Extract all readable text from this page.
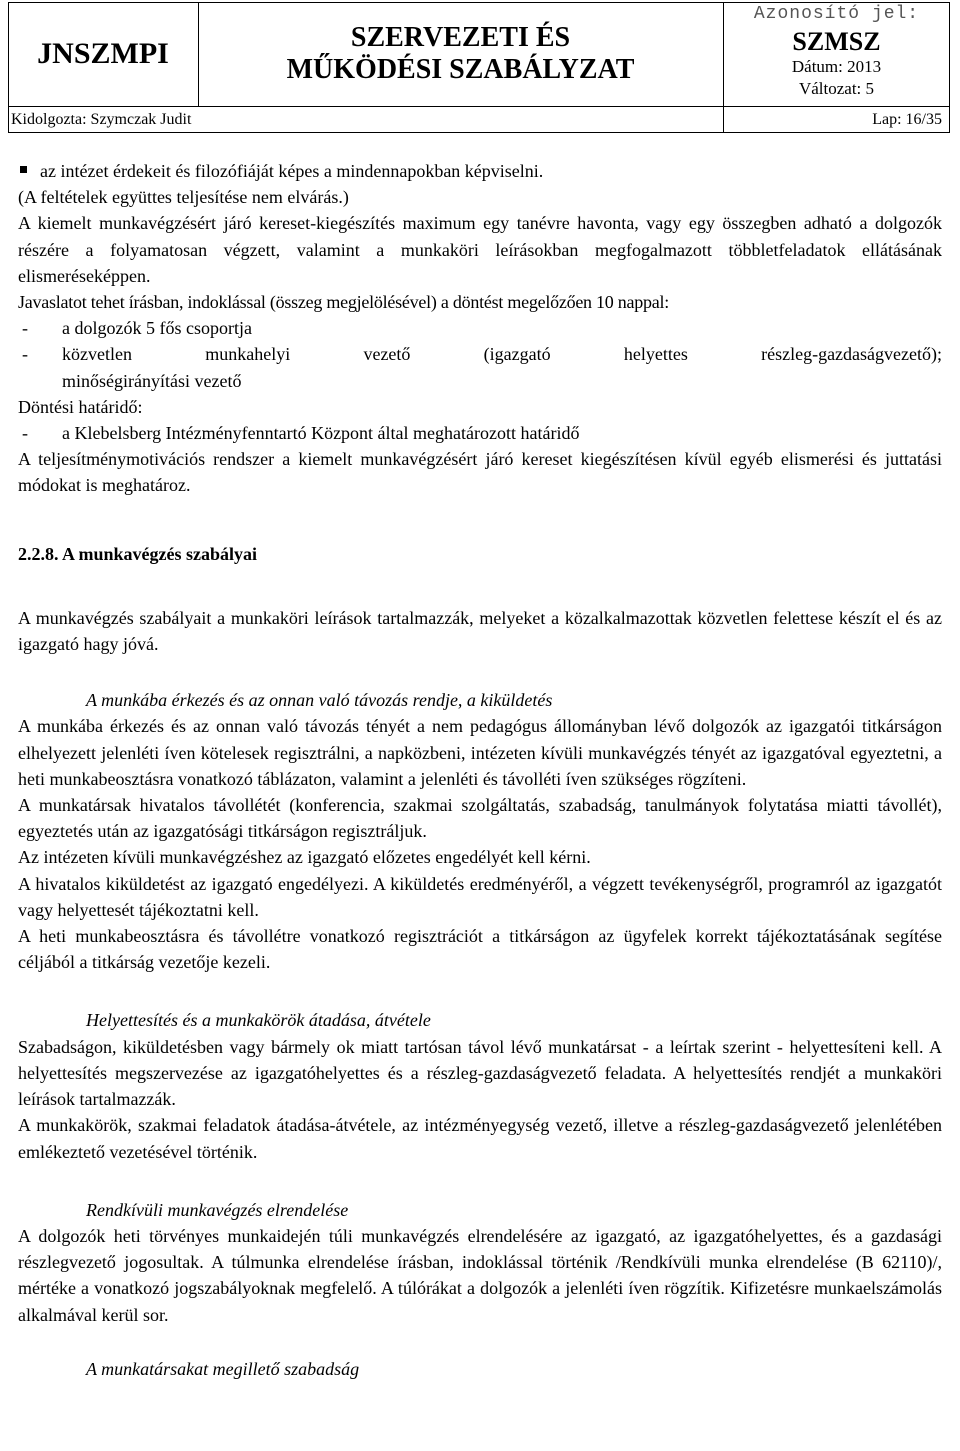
JNSZMPI	SZERVEZETI ÉS
MŰKÖDÉSI SZABÁLYZAT
Azonosító jel:
SZMSZ
Dátum: 2013
Változat: 5
Kidolgozta: Szymczak Judit	Lap: 16/35
az intézet érdekeit és filozófiáját képes a mindennapokban képviselni.

(A feltételek együttes teljesítése nem elvárás.)

A kiemelt munkavégzésért járó kereset-kiegészítés maximum egy tanévre havonta, vagy egy összegben adható a dolgozók részére a folyamatosan végzett, valamint a munkaköri leírásokban megfogalmazott többletfeladatok ellátásának elismeréseképpen.

Javaslatot tehet írásban, indoklással (összeg megjelölésével) a döntést megelőzően 10 nappal:

- a dolgozók 5 fős csoportja
- közvetlen munkahelyi vezető (igazgató helyettes részleg-gazdaságvezető);

minőségirányítási vezető

Döntési határidő:

- a Klebelsberg Intézményfenntartó Központ által meghatározott határidő

A teljesítménymotivációs rendszer a kiemelt munkavégzésért járó kereset kiegészítésen kívül egyéb elismerési és juttatási módokat is meghatároz.

2.2.8. A munkavégzés szabályai

A munkavégzés szabályait a munkaköri leírások tartalmazzák, melyeket a közalkalmazottak közvetlen felettese készít el és az igazgató hagy jóvá.

A munkába érkezés és az onnan való távozás rendje, a kiküldetés

A munkába érkezés és az onnan való távozás tényét a nem pedagógus állományban lévő dolgozók az igazgatói titkárságon elhelyezett jelenléti íven kötelesek regisztrálni, a napközbeni, intézeten kívüli munkavégzés tényét az igazgatóval egyeztetni, a heti munkabeosztásra vonatkozó táblázaton, valamint a jelenléti és távolléti íven szükséges rögzíteni.

A munkatársak hivatalos távollétét (konferencia, szakmai szolgáltatás, szabadság, tanulmányok folytatása miatti távollét), egyeztetés után az igazgatósági titkárságon regisztráljuk.

Az intézeten kívüli munkavégzéshez az igazgató előzetes engedélyét kell kérni.

A hivatalos kiküldetést az igazgató engedélyezi. A kiküldetés eredményéről, a végzett tevékenységről, programról az igazgatót vagy helyettesét tájékoztatni kell.

A heti munkabeosztásra és távollétre vonatkozó regisztrációt a titkárságon az ügyfelek korrekt tájékoztatásának segítése céljából a titkárság vezetője kezeli.

Helyettesítés és a munkakörök átadása, átvétele

Szabadságon, kiküldetésben vagy bármely ok miatt tartósan távol lévő munkatársat - a leírtak szerint - helyettesíteni kell. A helyettesítés megszervezése az igazgatóhelyettes és a részleg-gazdaságvezető feladata. A helyettesítés rendjét a munkaköri leírások tartalmazzák.

A munkakörök, szakmai feladatok átadása-átvétele, az intézményegység vezető, illetve a részleg-gazdaságvezető jelenlétében emlékeztető vezetésével történik.

Rendkívüli munkavégzés elrendelése

A dolgozók heti törvényes munkaidején túli munkavégzés elrendelésére az igazgató, az igazgatóhelyettes, és a gazdasági részlegvezető jogosultak. A túlmunka elrendelése írásban, indoklással történik /Rendkívüli munka elrendelése (B 62110)/, mértéke a vonatkozó jogszabályoknak megfelelő. A túlórákat a dolgozók a jelenléti íven rögzítik. Kifizetésre munkaelszámolás alkalmával kerül sor.

A munkatársakat megillető szabadság
